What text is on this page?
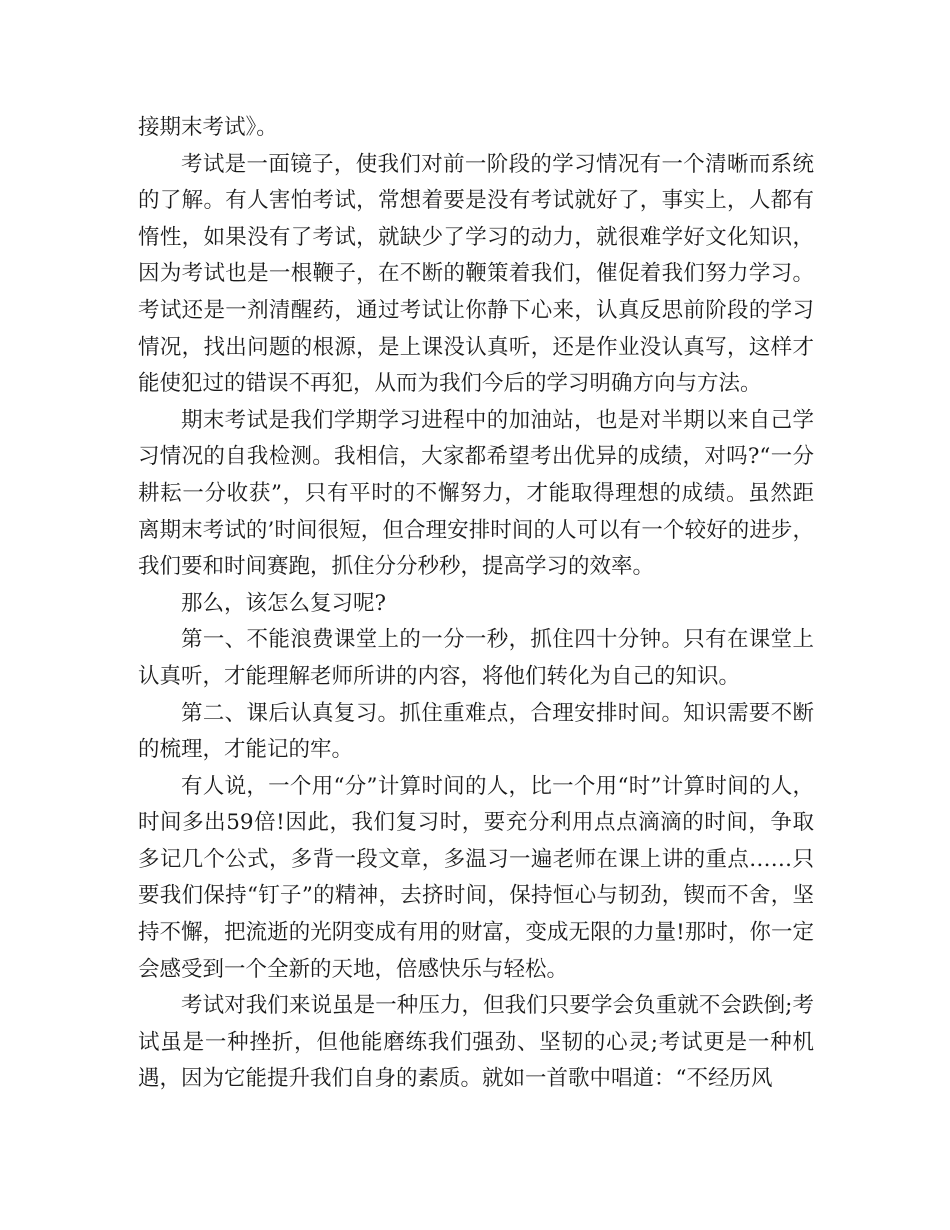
接期末考试》。

考试是一面镜子，使我们对前一阶段的学习情况有一个清晰而系统的了解。有人害怕考试，常想着要是没有考试就好了，事实上，人都有惰性，如果没有了考试，就缺少了学习的动力，就很难学好文化知识，因为考试也是一根鞭子，在不断的鞭策着我们，催促着我们努力学习。考试还是一剂清醒药，通过考试让你静下心来，认真反思前阶段的学习情况，找出问题的根源，是上课没认真听，还是作业没认真写，这样才能使犯过的错误不再犯，从而为我们今后的学习明确方向与方法。

期末考试是我们学期学习进程中的加油站，也是对半期以来自己学习情况的自我检测。我相信，大家都希望考出优异的成绩，对吗?“一分耕耘一分收获”，只有平时的不懈努力，才能取得理想的成绩。虽然距离期末考试的’时间很短，但合理安排时间的人可以有一个较好的进步，我们要和时间赛跑，抓住分分秒秒，提高学习的效率。

那么，该怎么复习呢?

第一、不能浪费课堂上的一分一秒，抓住四十分钟。只有在课堂上认真听，才能理解老师所讲的内容，将他们转化为自己的知识。

第二、课后认真复习。抓住重难点，合理安排时间。知识需要不断的梳理，才能记的牢。

有人说，一个用“分”计算时间的人，比一个用“时”计算时间的人，时间多出59倍!因此，我们复习时，要充分利用点点滴滴的时间，争取多记几个公式，多背一段文章，多温习一遍老师在课上讲的重点……只要我们保持“钉子”的精神，去挤时间，保持恒心与韧劲，锲而不舍，坚持不懈，把流逝的光阴变成有用的财富，变成无限的力量!那时，你一定会感受到一个全新的天地，倍感快乐与轻松。

考试对我们来说虽是一种压力，但我们只要学会负重就不会跌倒;考试虽是一种挫折，但他能磨练我们强劲、坚韧的心灵;考试更是一种机遇，因为它能提升我们自身的素质。就如一首歌中唱道：“不经历风
